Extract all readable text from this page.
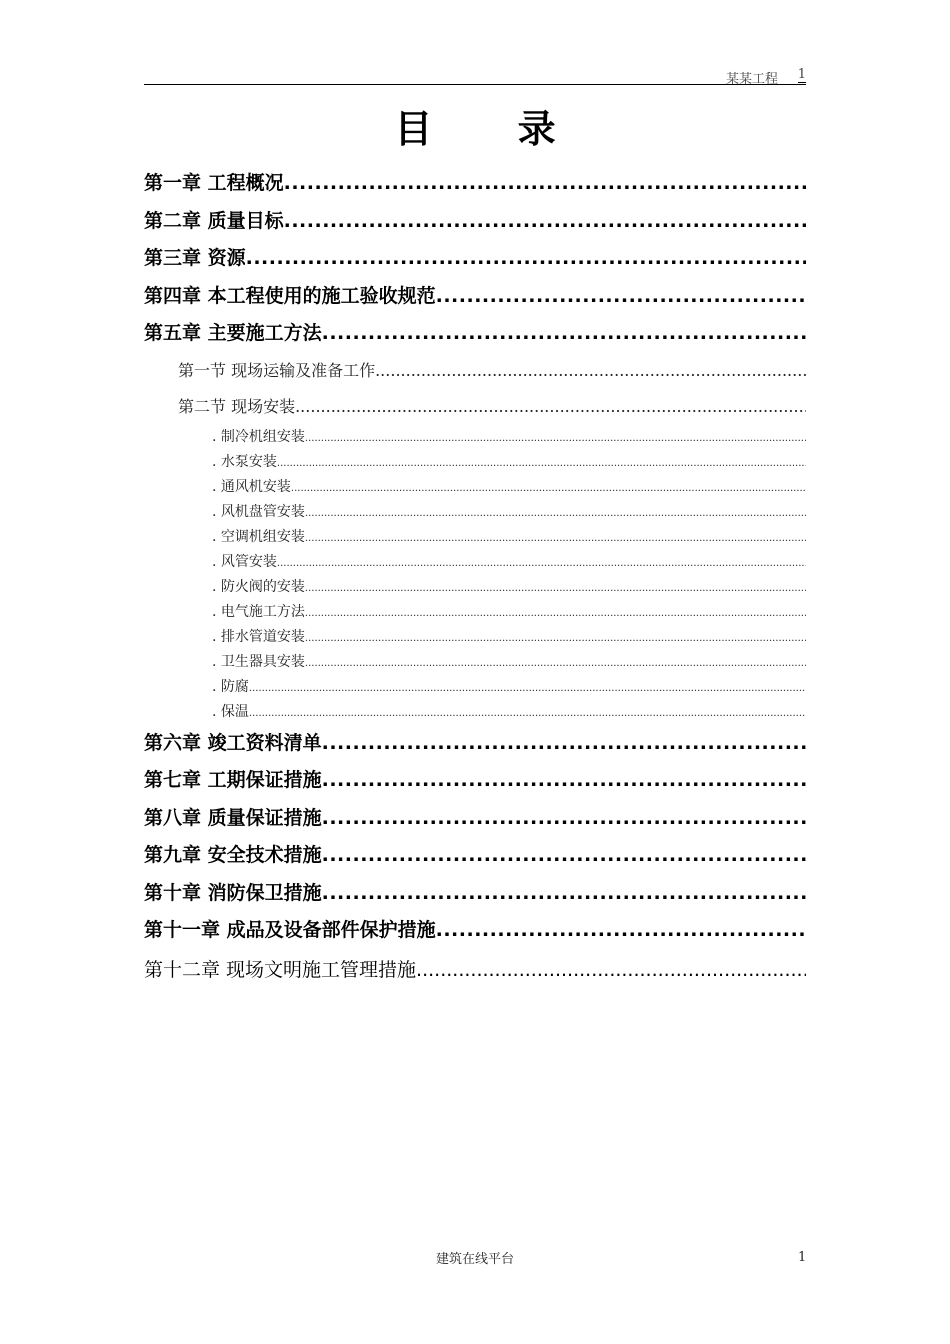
某某工程 1
目 录
第一章 工程概况
.....
第二章 质量目标
.....
第三章 资源
.....
第四章 本工程使用的施工验收规范
.....
第五章 主要施工方法
.....
第一节 现场运输及准备工作
.....
第二节 现场安装
.....
. 制冷机组安装
.....
. 水泵安装
.....
. 通风机安装
.....
. 风机盘管安装
.....
. 空调机组安装
.....
. 风管安装
.....
. 防火阀的安装
.....
. 电气施工方法
.....
. 排水管道安装
.....
. 卫生器具安装
.....
. 防腐
.....
. 保温
.....
第六章 竣工资料清单
.....
第七章 工期保证措施
.....
第八章 质量保证措施
.....
第九章 安全技术措施
.....
第十章 消防保卫措施
.....
第十一章 成品及设备部件保护措施
.....
第十二章 现场文明施工管理措施
.....
建筑在线平台	1
